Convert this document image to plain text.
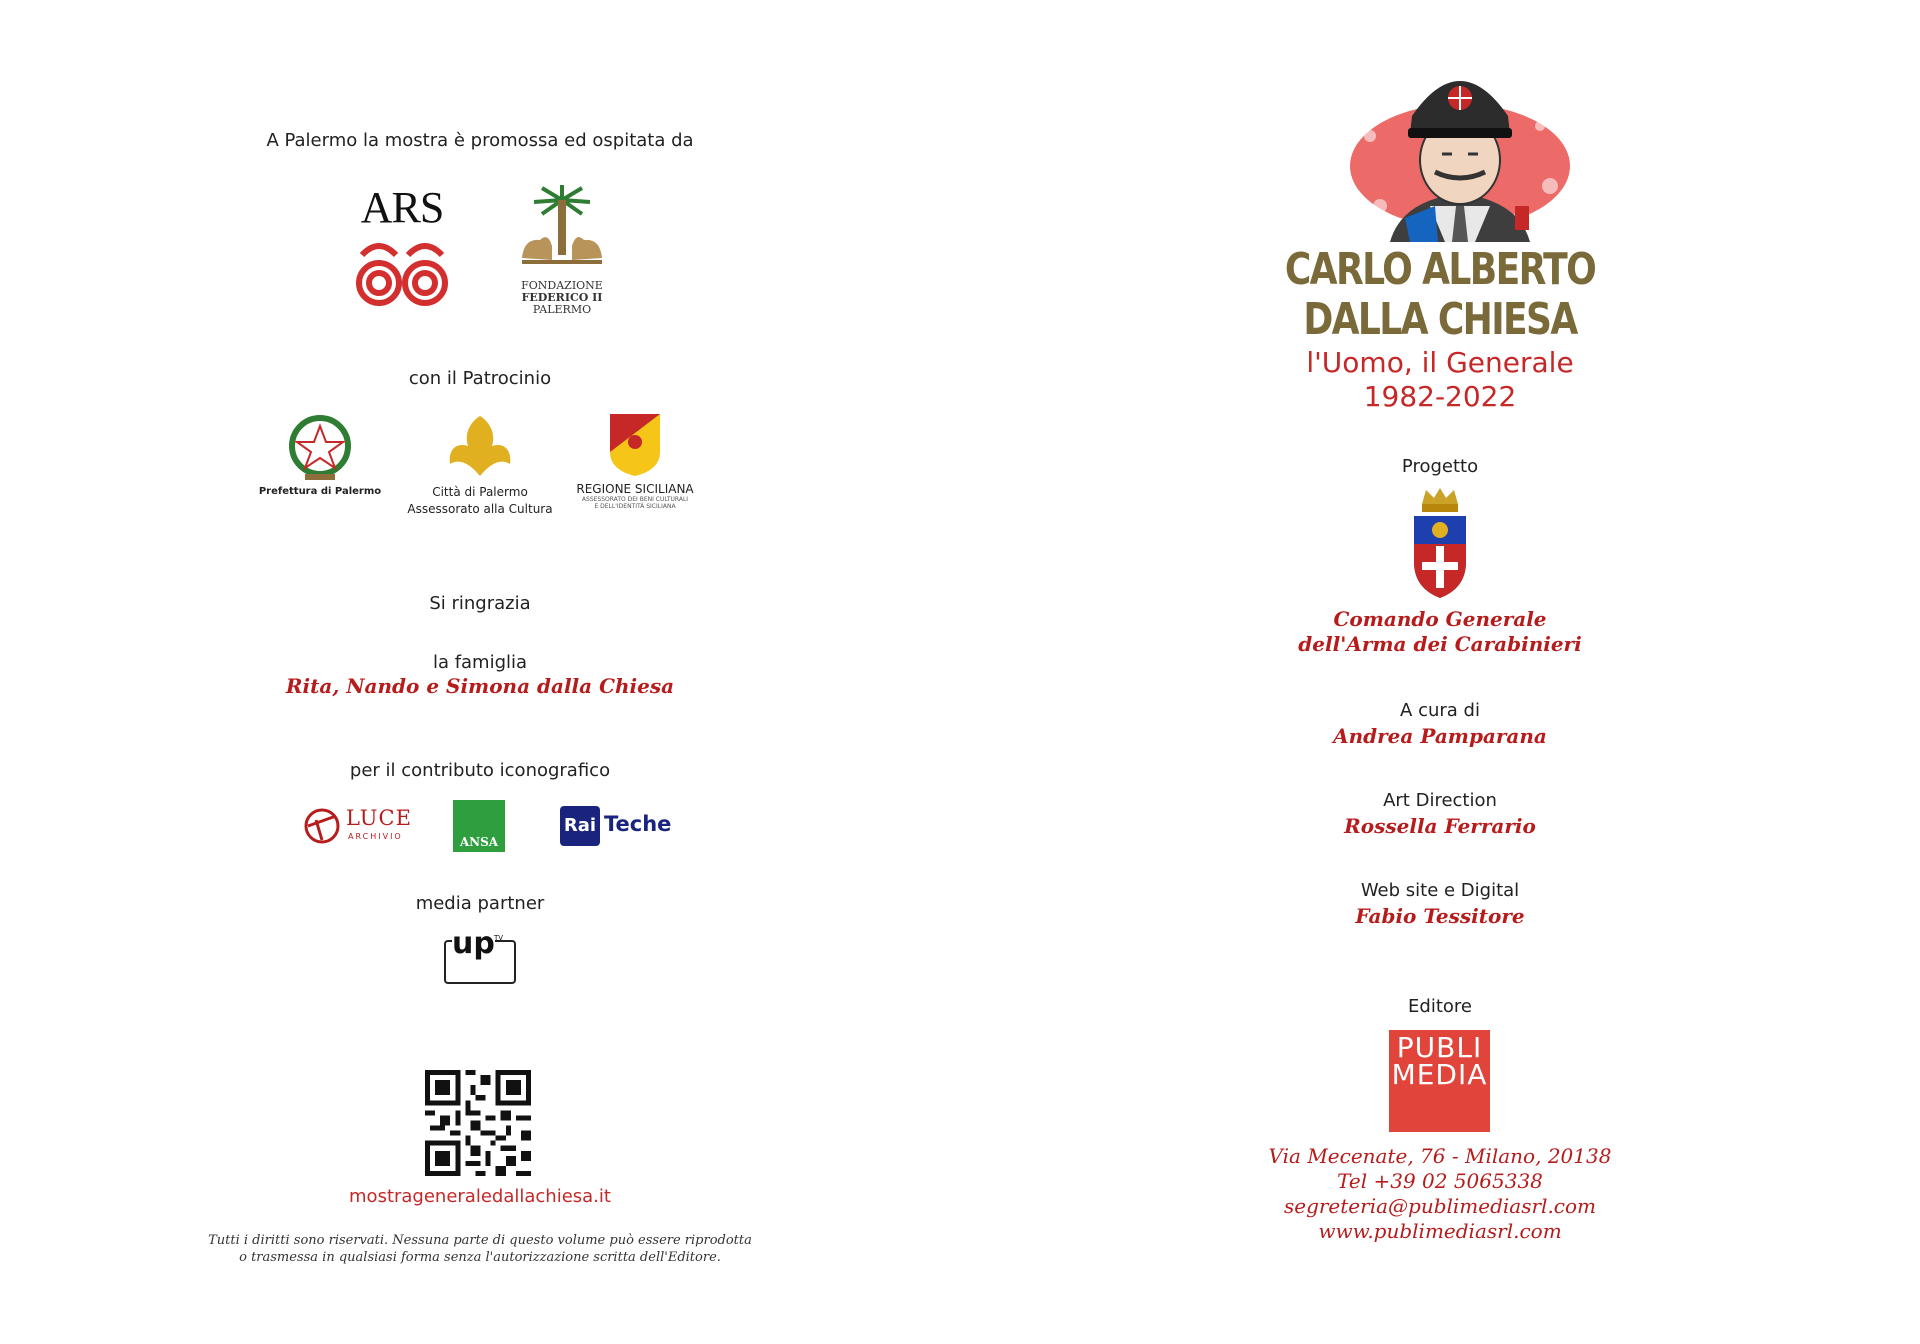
A Palermo la mostra è promossa ed ospitata da
ARS
FONDAZIONE
FEDERICO II
PALERMO
con il Patrocinio
Prefettura di Palermo	Città di Palermo
Assessorato alla Cultura
REGIONE SICILIANA
ASSESSORATO DEI BENI CULTURALI
E DELL'IDENTITÀ SICILIANA
Si ringrazia
la famiglia
Rita, Nando e Simona dalla Chiesa
per il contributo iconografico
LUCE
ARCHIVIO	ANSA
Rai Teche
media partner
up TV
mostrageneraledallachiesa.it
Tutti i diritti sono riservati. Nessuna parte di questo volume può essere riprodotta
o trasmessa in qualsiasi forma senza l'autorizzazione scritta dell'Editore.
CARLO ALBERTO
DALLA CHIESA
l'Uomo, il Generale
1982-2022
Progetto
Comando Generale
dell'Arma dei Carabinieri
A cura di
Andrea Pamparana
Art Direction
Rossella Ferrario
Web site e Digital
Fabio Tessitore
Editore
PUBLI
MEDIA
Via Mecenate, 76 - Milano, 20138
Tel +39 02 5065338
segreteria@publimediasrl.com
www.publimediasrl.com
